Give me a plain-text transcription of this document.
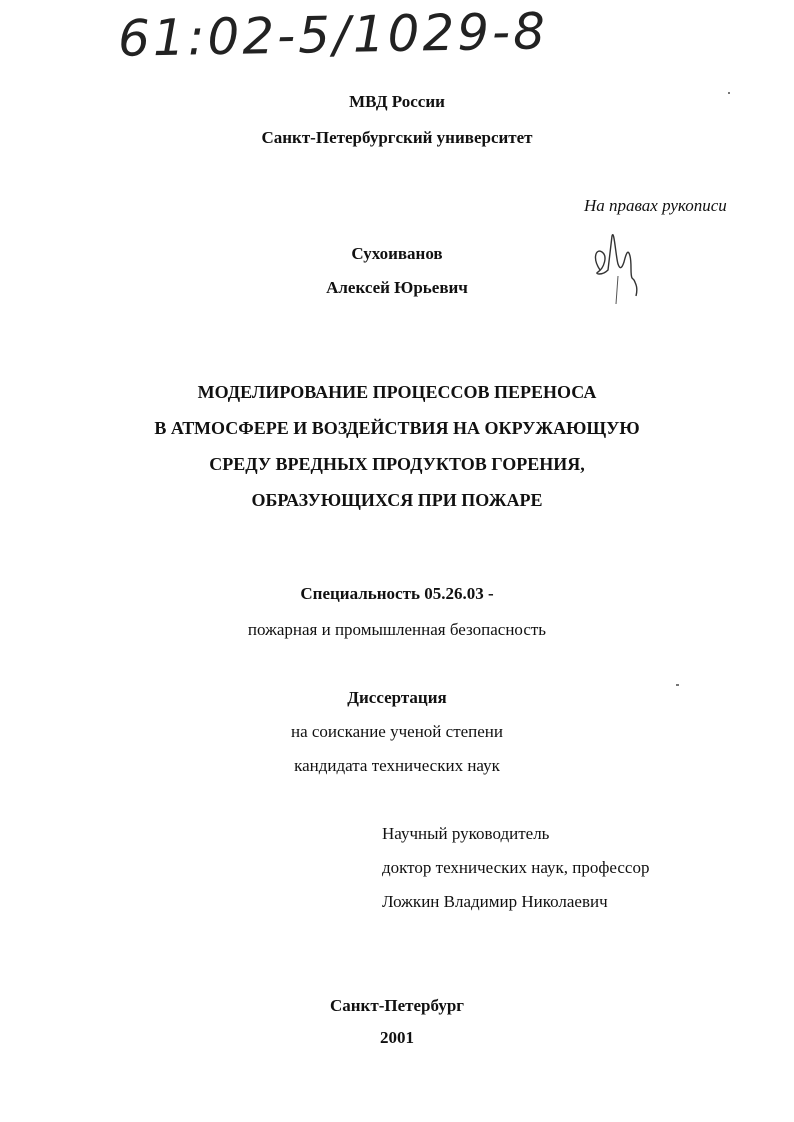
61:02-5/1029-8
МВД России
Санкт-Петербургский университет
На правах рукописи
Сухоиванов
Алексей Юрьевич
МОДЕЛИРОВАНИЕ ПРОЦЕССОВ ПЕРЕНОСА
В АТМОСФЕРЕ И ВОЗДЕЙСТВИЯ НА ОКРУЖАЮЩУЮ
СРЕДУ ВРЕДНЫХ ПРОДУКТОВ ГОРЕНИЯ,
ОБРАЗУЮЩИХСЯ ПРИ ПОЖАРЕ
Специальность 05.26.03 -
пожарная и промышленная безопасность
Диссертация
на соискание ученой степени
кандидата технических наук
Научный руководитель
доктор технических наук, профессор
Ложкин Владимир Николаевич
Санкт-Петербург
2001
